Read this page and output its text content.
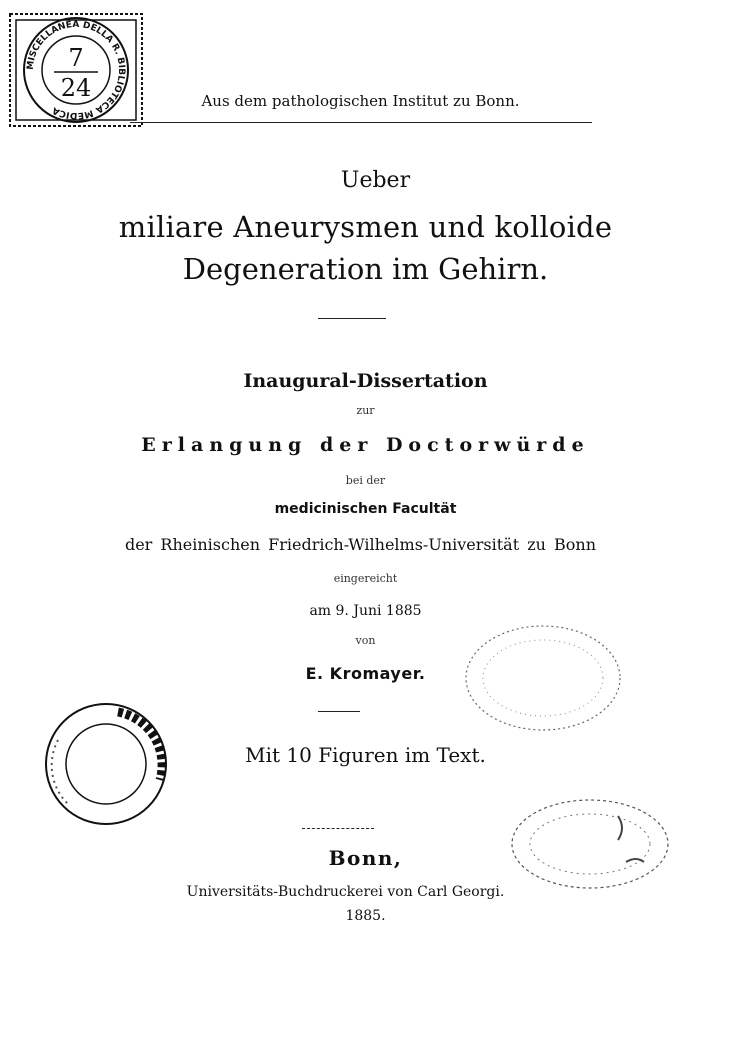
MISCELLANEA DELLA R. BIBLIOTECA MEDICA
7
24	Aus dem pathologischen Institut zu Bonn.
Ueber
miliare Aneurysmen und kolloide
Degeneration im Gehirn.
Inaugural-Dissertation
zur
Erlangung der Doctorwürde
bei der
medicinischen Facultät
der Rheinischen Friedrich-Wilhelms-Universität zu Bonn
eingereicht
am 9. Juni 1885
von
E. Kromayer.
Mit 10 Figuren im Text.
Bonn,
Universitäts-Buchdruckerei von Carl Georgi.
1885.
